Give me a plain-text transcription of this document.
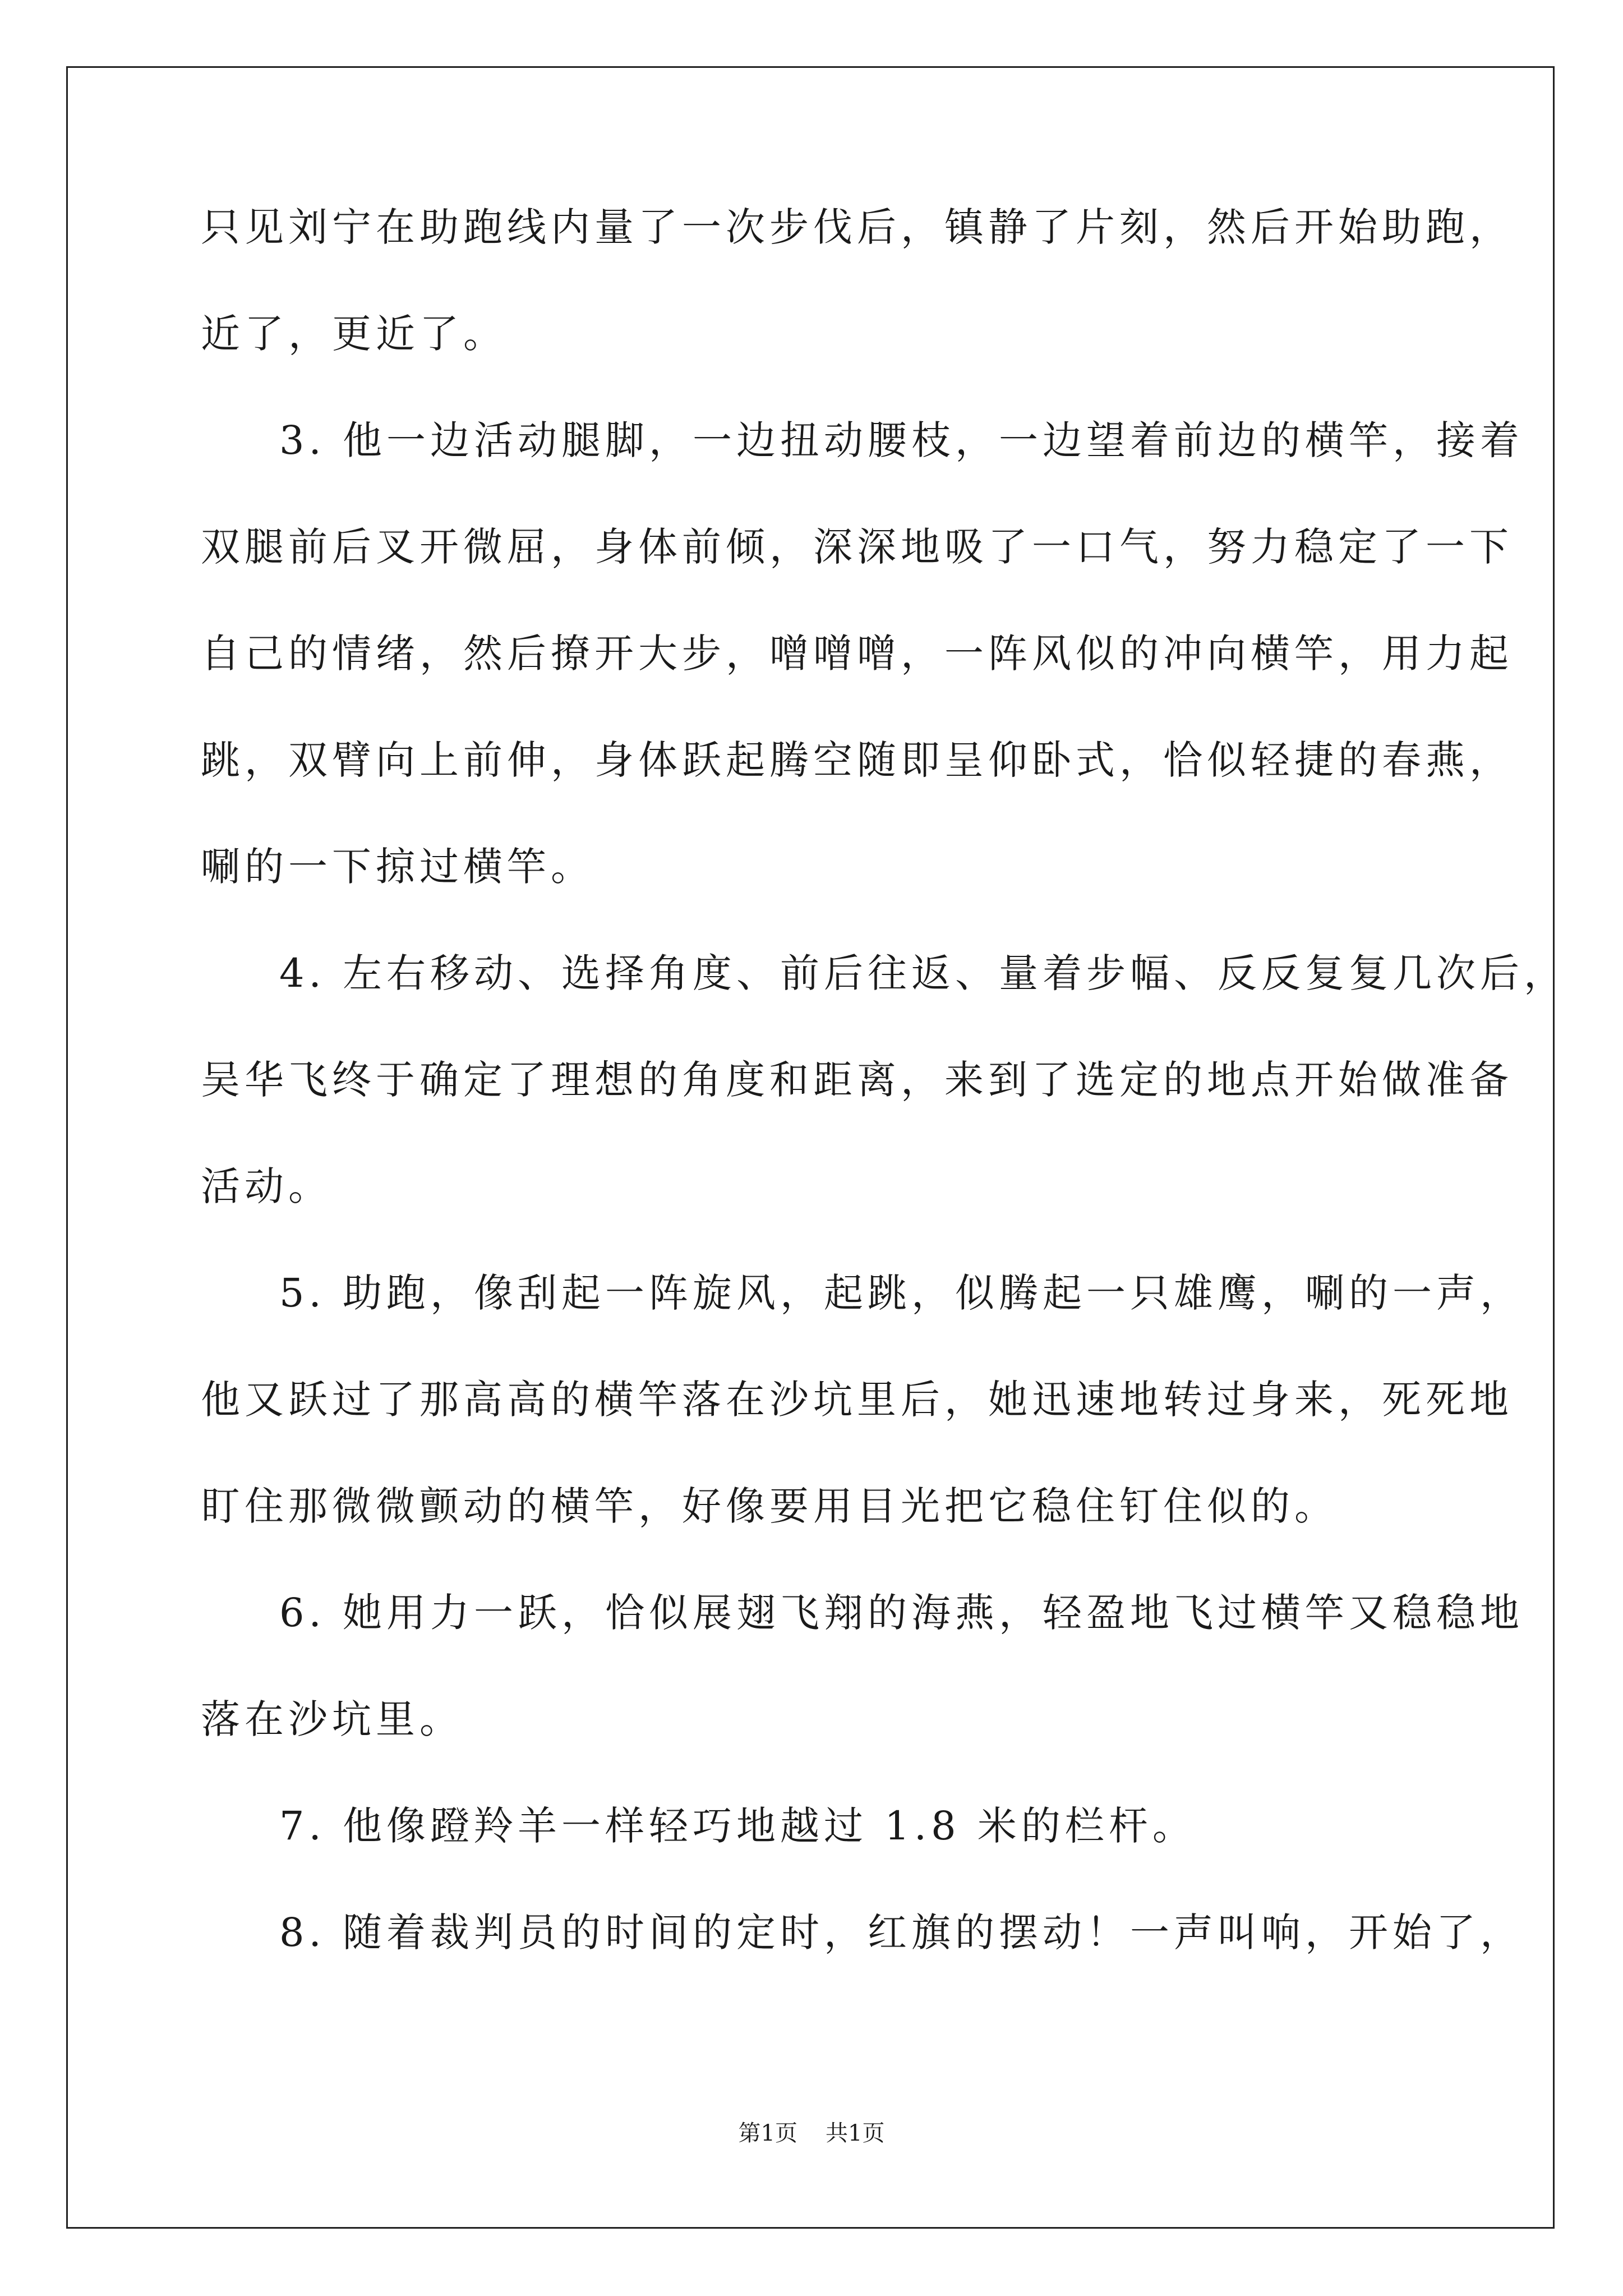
只见刘宁在助跑线内量了一次步伐后，镇静了片刻，然后开始助跑，

近了，更近了。

3. 他一边活动腿脚，一边扭动腰枝，一边望着前边的横竿，接着

双腿前后叉开微屈，身体前倾，深深地吸了一口气，努力稳定了一下

自己的情绪，然后撩开大步，噌噌噌，一阵风似的冲向横竿，用力起

跳，双臂向上前伸，身体跃起腾空随即呈仰卧式，恰似轻捷的春燕，

唰的一下掠过横竿。

4. 左右移动、选择角度、前后往返、量着步幅、反反复复几次后，

吴华飞终于确定了理想的角度和距离，来到了选定的地点开始做准备

活动。

5. 助跑，像刮起一阵旋风，起跳，似腾起一只雄鹰，唰的一声，

他又跃过了那高高的横竿落在沙坑里后，她迅速地转过身来，死死地

盯住那微微颤动的横竿，好像要用目光把它稳住钉住似的。

6. 她用力一跃，恰似展翅飞翔的海燕，轻盈地飞过横竿又稳稳地

落在沙坑里。

7. 他像蹬羚羊一样轻巧地越过 1.8 米的栏杆。

8. 随着裁判员的时间的定时，红旗的摆动！一声叫响，开始了，

第1页 共1页
